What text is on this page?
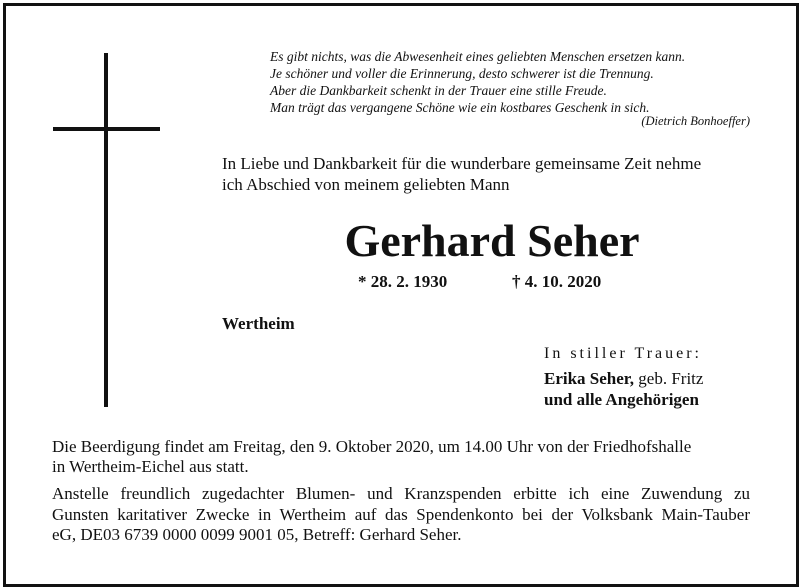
Es gibt nichts, was die Abwesenheit eines geliebten Menschen ersetzen kann.
Je schöner und voller die Erinnerung, desto schwerer ist die Trennung.
Aber die Dankbarkeit schenkt in der Trauer eine stille Freude.
Man trägt das vergangene Schöne wie ein kostbares Geschenk in sich.
(Dietrich Bonhoeffer)
In Liebe und Dankbarkeit für die wunderbare gemeinsame Zeit nehme
ich Abschied von meinem geliebten Mann
Gerhard Seher
* 28. 2. 1930	† 4. 10. 2020
Wertheim
In stiller Trauer:
Erika Seher, geb. Fritz
und alle Angehörigen
Die Beerdigung findet am Freitag, den 9. Oktober 2020, um 14.00 Uhr von der Friedhofshalle
in Wertheim-Eichel aus statt.
Anstelle freundlich zugedachter Blumen- und Kranzspenden erbitte ich eine Zuwendung zu
Gunsten karitativer Zwecke in Wertheim auf das Spendenkonto bei der Volksbank Main-Tauber
eG, DE03 6739 0000 0099 9001 05, Betreff: Gerhard Seher.
